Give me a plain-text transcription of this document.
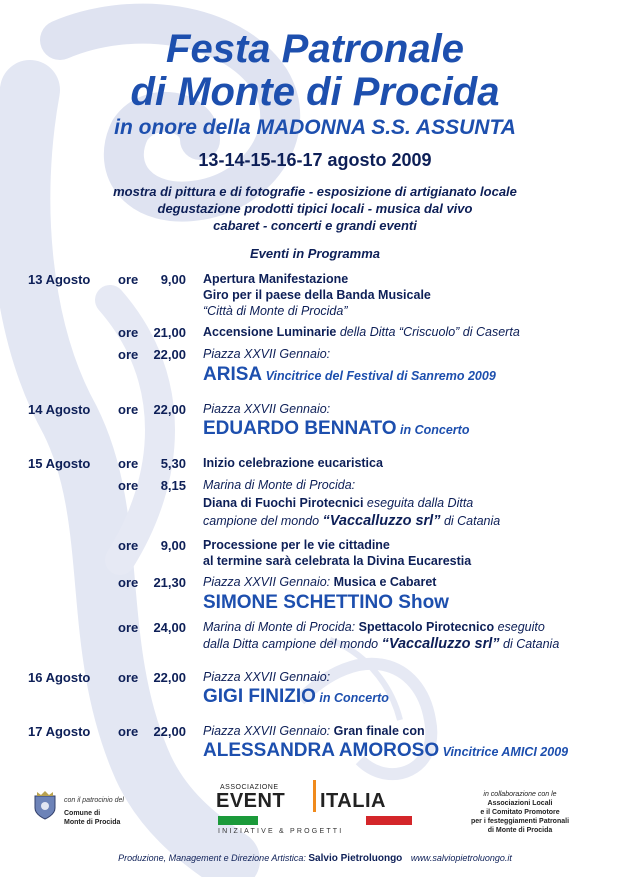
Festa Patronale
di Monte di Procida
in onore della MADONNA S.S. ASSUNTA
13-14-15-16-17 agosto 2009
mostra di pittura e di fotografie - esposizione di artigianato locale
degustazione prodotti tipici locali - musica dal vivo
cabaret - concerti e grandi eventi
Eventi in Programma
13 Agosto ore	9,00 Apertura Manifestazione
Giro per il paese della Banda Musicale
“Città di Monte di Procida”
ore 21,00 Accensione Luminarie della Ditta “Criscuolo” di Caserta
ore 22,00 Piazza XXVII Gennaio:
ARISA Vincitrice del Festival di Sanremo 2009
14 Agosto ore 22,00 Piazza XXVII Gennaio:
EDUARDO BENNATO in Concerto
15 Agosto ore	5,30 Inizio celebrazione eucaristica
ore	8,15 Marina di Monte di Procida:
Diana di Fuochi Pirotecnici eseguita dalla Ditta
campione del mondo “Vaccalluzzo srl” di Catania
ore	9,00 Processione per le vie cittadine
al termine sarà celebrata la Divina Eucarestia
ore 21,30 Piazza XXVII Gennaio: Musica e Cabaret
SIMONE SCHETTINO Show
ore 24,00 Marina di Monte di Procida: Spettacolo Pirotecnico eseguito
dalla Ditta campione del mondo “Vaccalluzzo srl” di Catania
16 Agosto ore 22,00 Piazza XXVII Gennaio:
GIGI FINIZIO in Concerto
17 Agosto ore 22,00 Piazza XXVII Gennaio: Gran finale con
ALESSANDRA AMOROSO Vincitrice AMICI 2009
con il patrocinio del
Comune di
Monte di Procida
ASSOCIAZIONE
EVENT ITALIA
INIZIATIVE & PROGETTI
in collaborazione con le
Associazioni Locali
e il Comitato Promotore
per i festeggiamenti Patronali
di Monte di Procida
Produzione, Management e Direzione Artistica: Salvio Pietroluongo www.salviopietroluongo.it
